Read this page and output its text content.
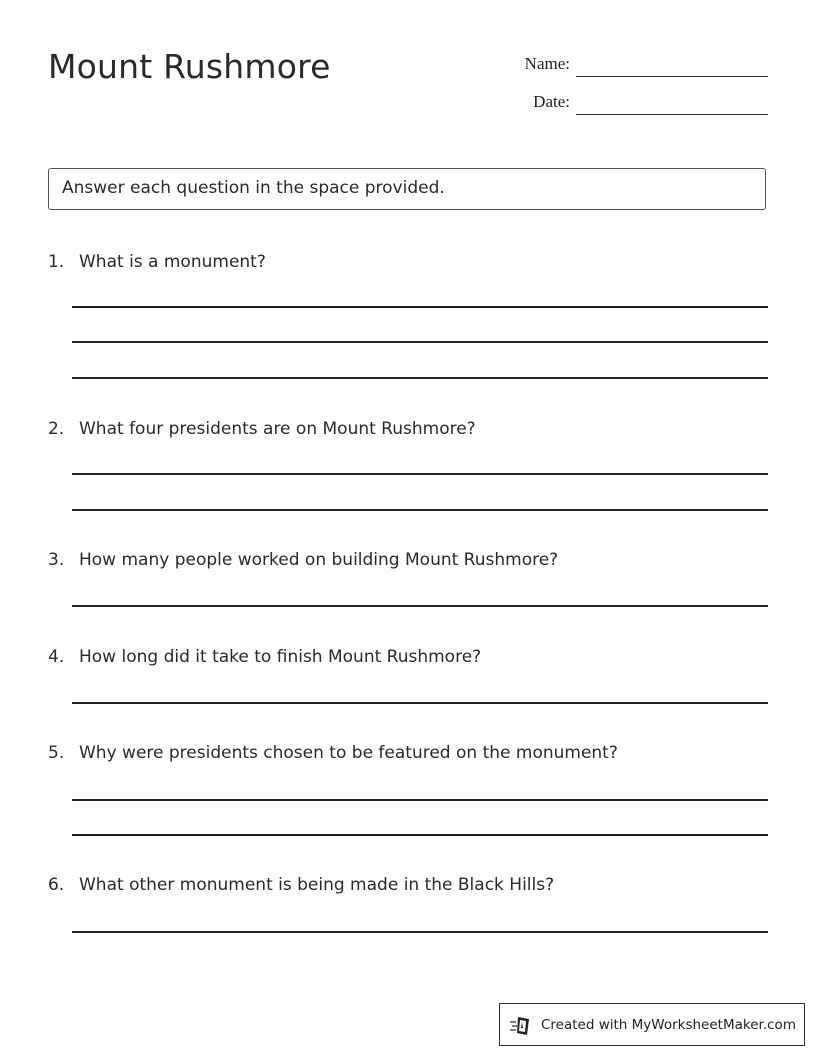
Mount Rushmore	Name:
Date:
Answer each question in the space provided.
1. What is a monument?
2. What four presidents are on Mount Rushmore?
3. How many people worked on building Mount Rushmore?
4. How long did it take to finish Mount Rushmore?
5. Why were presidents chosen to be featured on the monument?
6. What other monument is being made in the Black Hills?
Created with MyWorksheetMaker.com
